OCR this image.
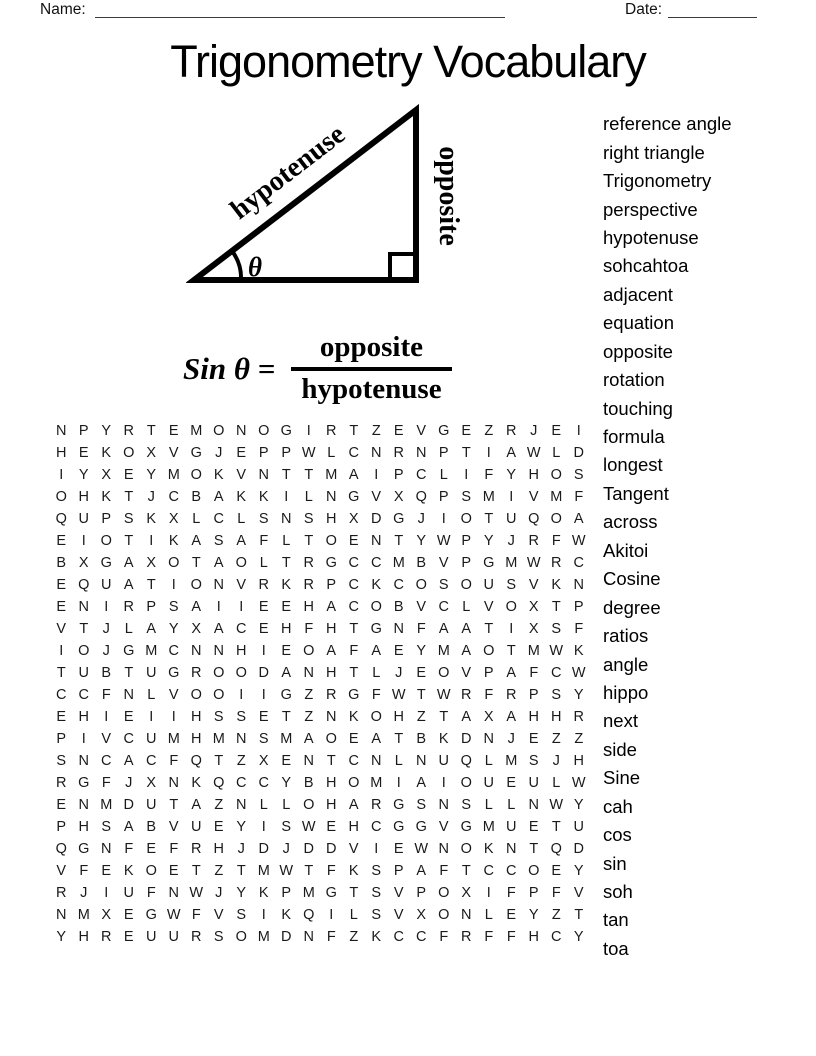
Name:	Date:
Trigonometry Vocabulary
θ
hypotenuse	opposite
Sin $\theta = \frac{\text{opposite}}{\text{hypotenuse}}$
N P Y R T E M O N O G	I	R T Z E V G E Z R J E	I
H E K O X V G J E P P W L C N R N P T	I	A W L D
I	Y X E Y M O K V N T T M A	I	P C L	I	F Y H O S
O H K T J C B A K K	I	L N G V X Q P S M I	V M F
Q U P S K X L C L S N S H X D G J	I	O T U Q O A
E	I	O T	I	K A S A F L T O E N T Y W P Y J R F W
B X G A X O T A O L T R G C C M B V P G M W R C
E Q U A T	I	O N V R K R P C K C O S O U S V K N
E N	I	R P S A	I	I	E E H A C O B V C L V O X T P
V T J	L A Y X A C E H F H T G N F A A T	I	X S F
I	O J G M C N N H	I	E O A F A E Y M A O T M W K
T U B T U G R O O D A N H T L	J E O V P A F C W
C C F N L V O O	I	I	G Z R G F W T W R F R P S Y
E H	I	E	I	I	H S S E T Z N K O H Z T A X A H H R
P	I	V C U M H M N S M A O E A T B K D N J E Z Z
S N C A C F Q T Z X E N T C N L N U Q L M S J H
R G F J X N K Q C C Y B H O M I	A	I	O U E U L W
E N M D U T A Z N L L O H A R G S N S L L N W Y
P H S A B V U E Y	I	S W E H C G G V G M U E T U
Q G N F E F R H J D J D D V	I	E W N O K N T Q D
V F E K O E T Z T M W T F K S P A F T C C O E Y
R J	I	U F N W J Y K P M G T S V P O X	I	F P F V
N M X E G W F V S	I	K Q	I	L S V X O N L E Y Z T
Y H R E U U R S O M D N F Z K C C F R F F H C Y
reference angle
right triangle
Trigonometry
perspective
hypotenuse
sohcahtoa
adjacent
equation
opposite
rotation
touching
formula
longest
Tangent
across
Akitoi
Cosine
degree
ratios
angle
hippo
next
side
Sine
cah
cos
sin
soh
tan
toa
